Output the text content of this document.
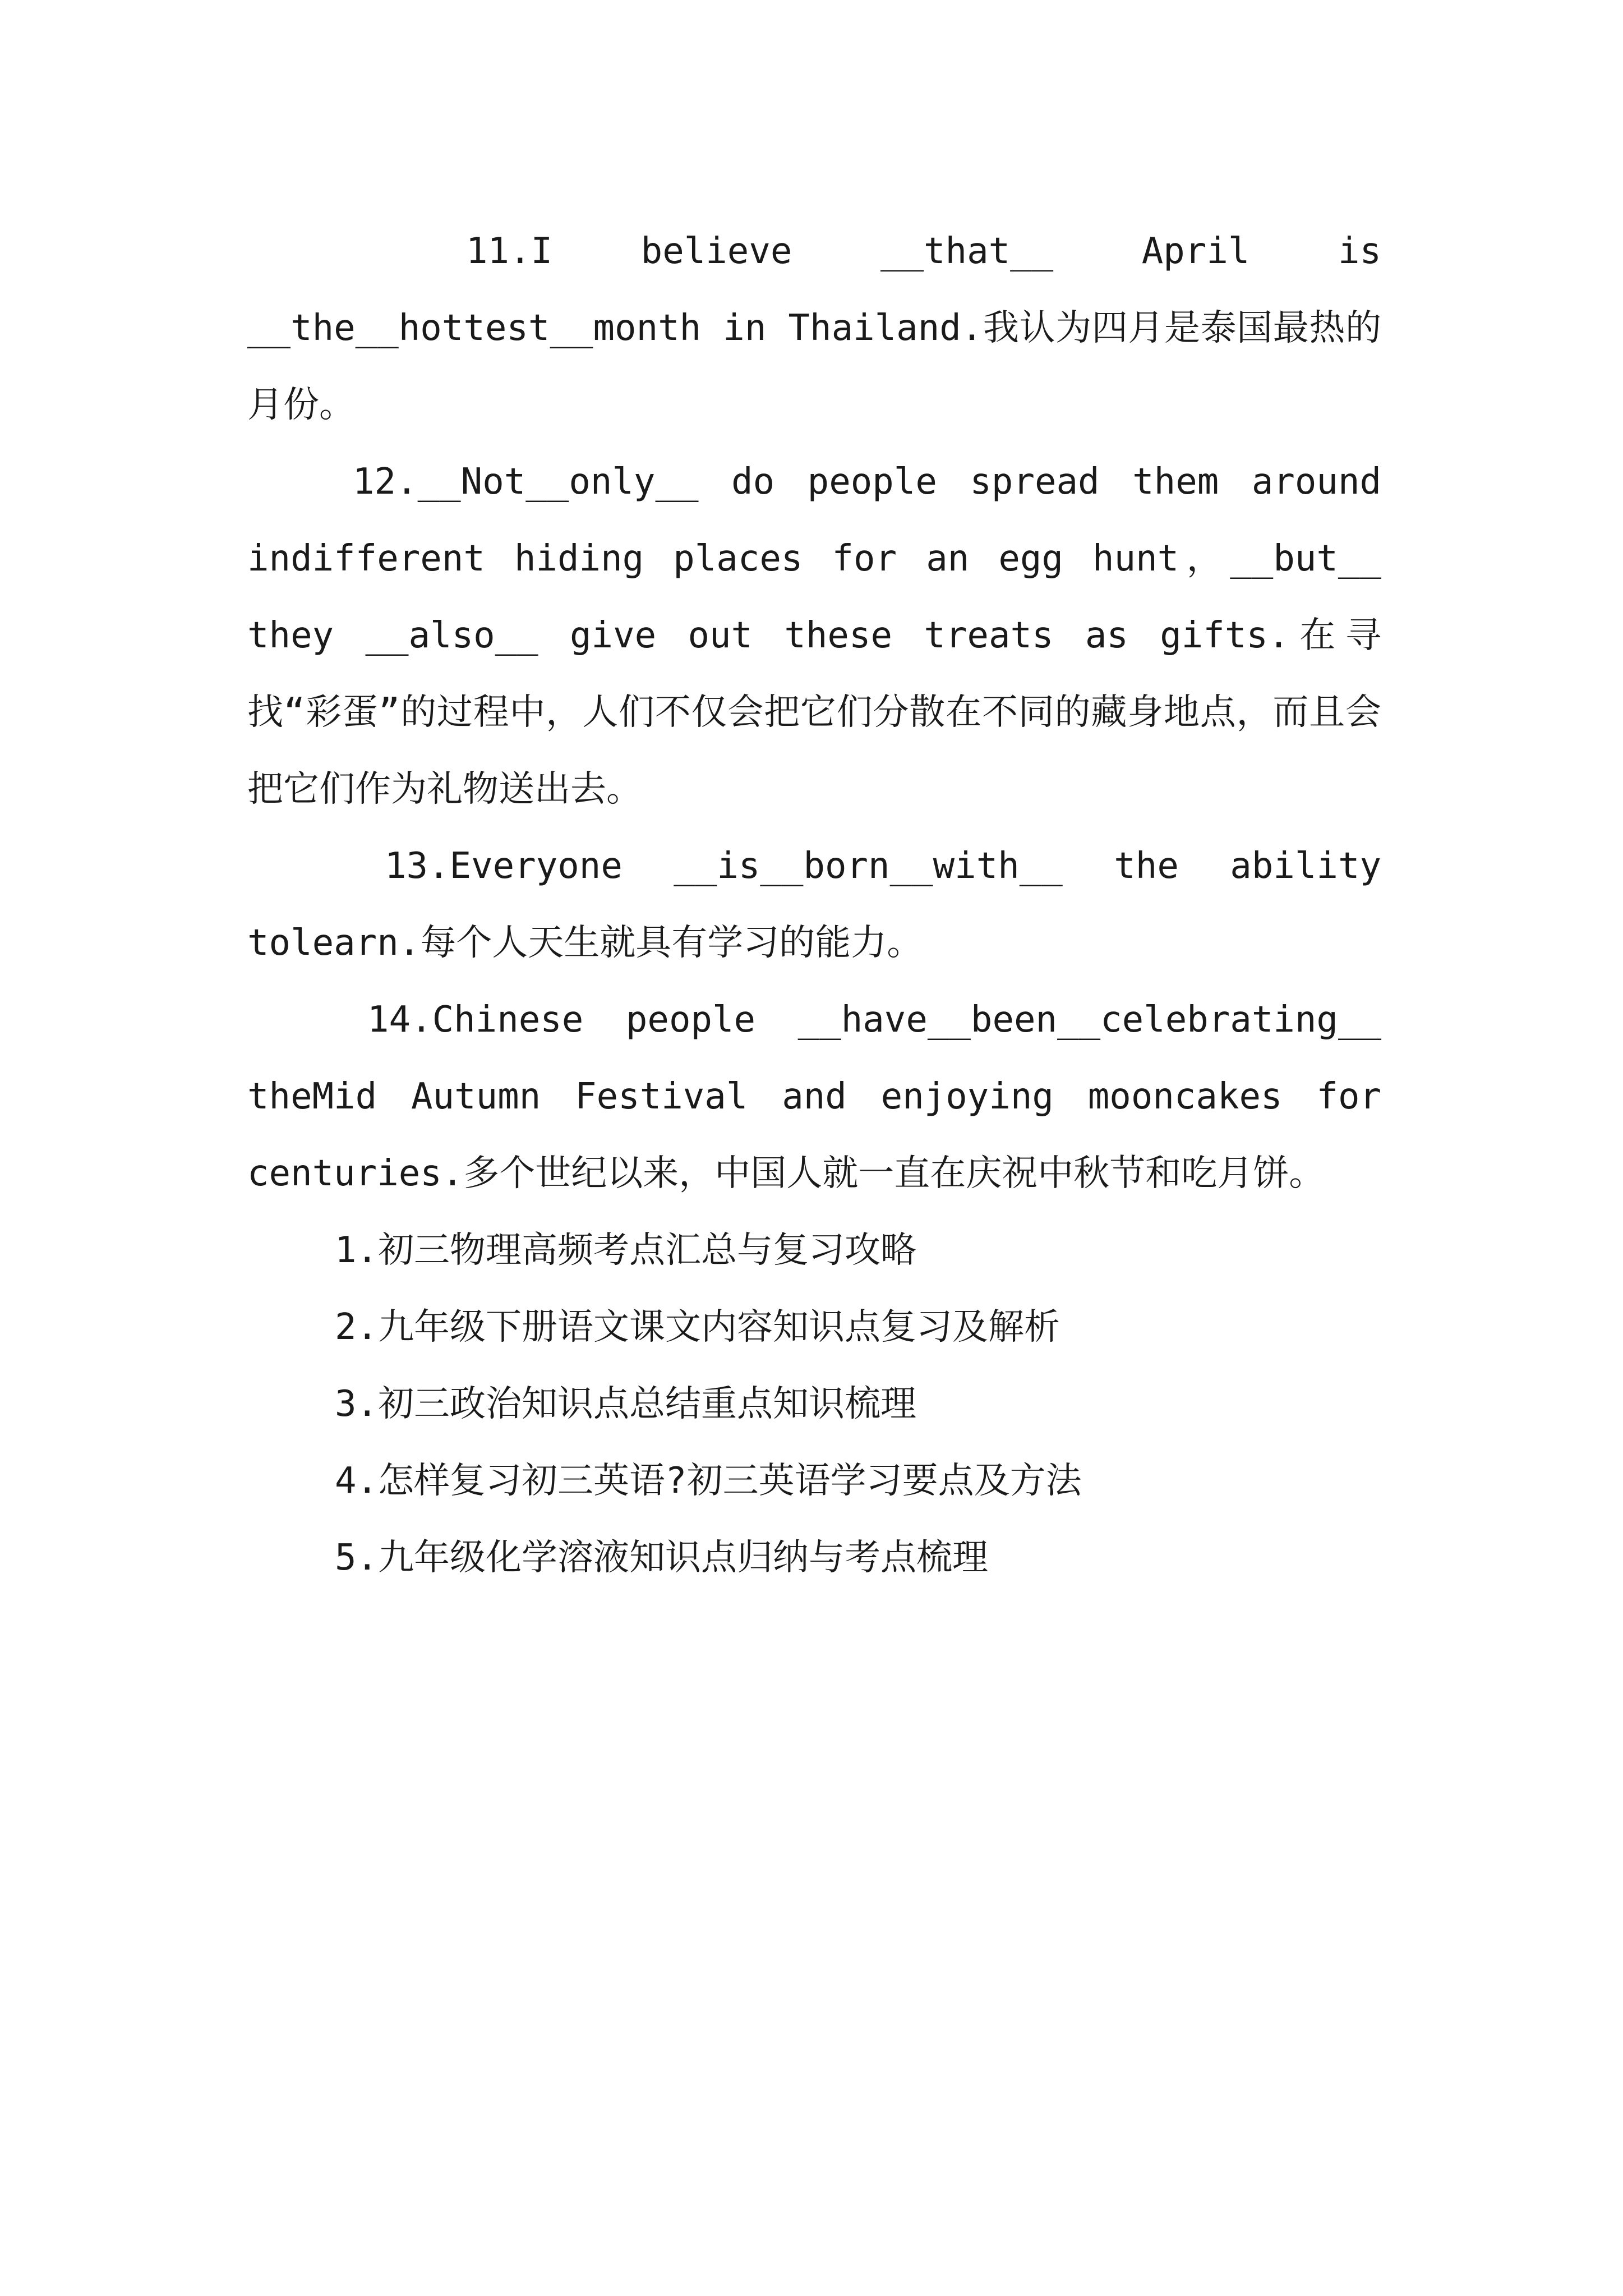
11.I believe __that__ April is __the__hottest__month in Thailand.我认为四月是泰国最热的月份。

12.__Not__only__ do people spread them around indifferent hiding places for an egg hunt，__but__ they __also__ give out these treats as gifts.在寻找“彩蛋”的过程中，人们不仅会把它们分散在不同的藏身地点，而且会把它们作为礼物送出去。

13.Everyone __is__born__with__ the ability tolearn.每个人天生就具有学习的能力。

14.Chinese people __have__been__celebrating__ theMid Autumn Festival and enjoying mooncakes for centuries.多个世纪以来，中国人就一直在庆祝中秋节和吃月饼。

1.初三物理高频考点汇总与复习攻略
2.九年级下册语文课文内容知识点复习及解析
3.初三政治知识点总结重点知识梳理
4.怎样复习初三英语?初三英语学习要点及方法
5.九年级化学溶液知识点归纳与考点梳理
